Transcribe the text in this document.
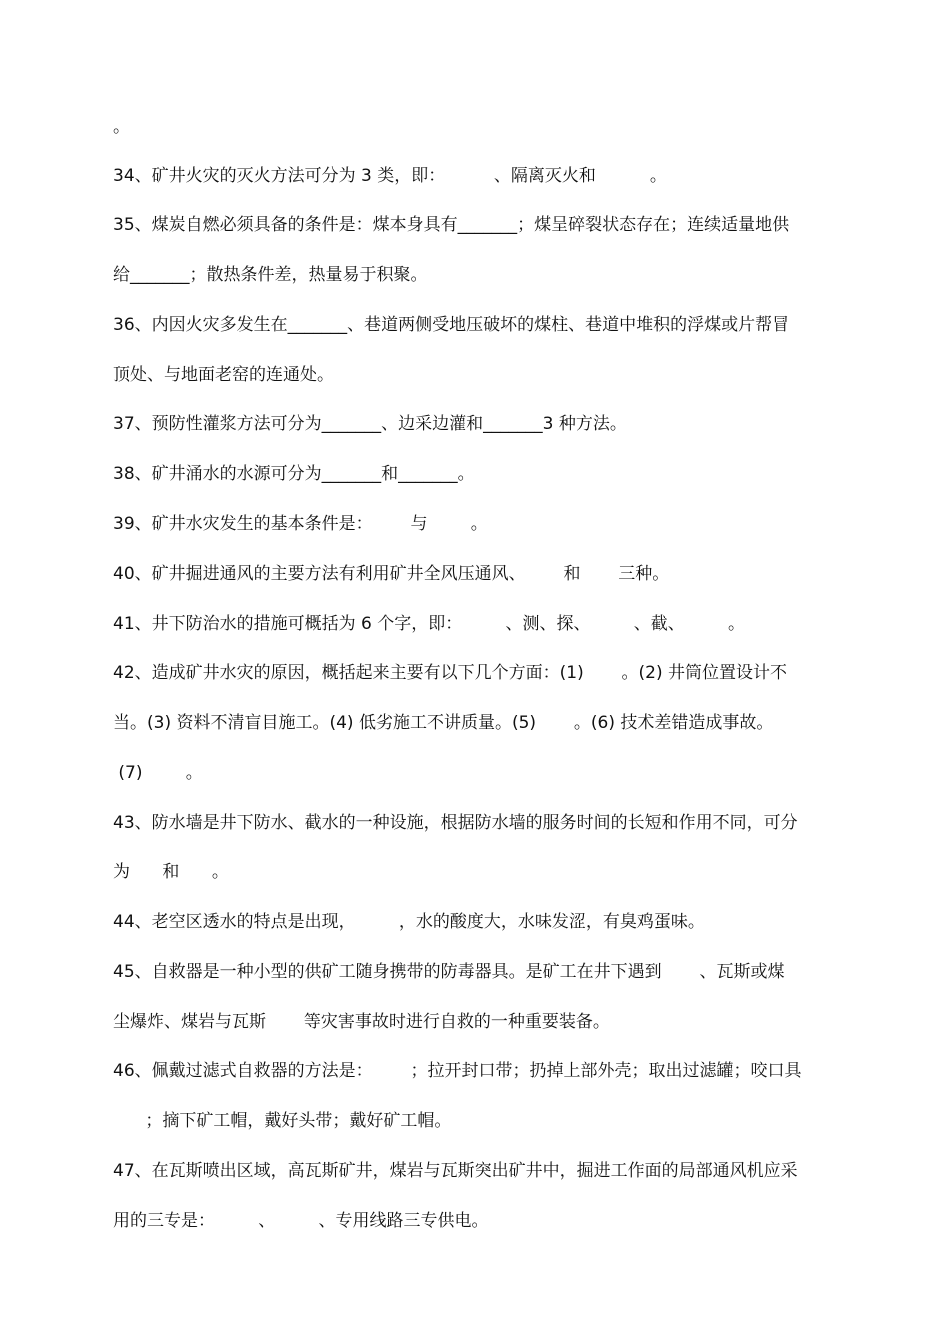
。
34、矿井火灾的灭火方法可分为 3 类，即：         、隔离灭火和          。
35、煤炭自燃必须具备的条件是：煤本身具有_______；煤呈碎裂状态存在；连续适量地供
给_______；散热条件差，热量易于积聚。
36、内因火灾多发生在_______、巷道两侧受地压破坏的煤柱、巷道中堆积的浮煤或片帮冒
顶处、与地面老窑的连通处。
37、预防性灌浆方法可分为_______、边采边灌和_______3 种方法。
38、矿井涌水的水源可分为_______和_______。
39、矿井水灾发生的基本条件是：       与        。
40、矿井掘进通风的主要方法有利用矿井全风压通风、       和       三种。
41、井下防治水的措施可概括为 6 个字，即：        、测、探、        、截、        。
42、造成矿井水灾的原因，概括起来主要有以下几个方面：(1)       。(2) 井筒位置设计不
当。(3) 资料不清盲目施工。(4) 低劣施工不讲质量。(5)       。(6) 技术差错造成事故。
(7)        。
43、防水墙是井下防水、截水的一种设施，根据防水墙的服务时间的长短和作用不同，可分
为      和      。
44、老空区透水的特点是出现，        ，水的酸度大，水味发涩，有臭鸡蛋味。
45、自救器是一种小型的供矿工随身携带的防毒器具。是矿工在井下遇到       、瓦斯或煤
尘爆炸、煤岩与瓦斯       等灾害事故时进行自救的一种重要装备。
46、佩戴过滤式自救器的方法是：       ；拉开封口带；扔掉上部外壳；取出过滤罐；咬口具
；摘下矿工帽，戴好头带；戴好矿工帽。
47、在瓦斯喷出区域，高瓦斯矿井，煤岩与瓦斯突出矿井中，掘进工作面的局部通风机应采
用的三专是：        、        、专用线路三专供电。
